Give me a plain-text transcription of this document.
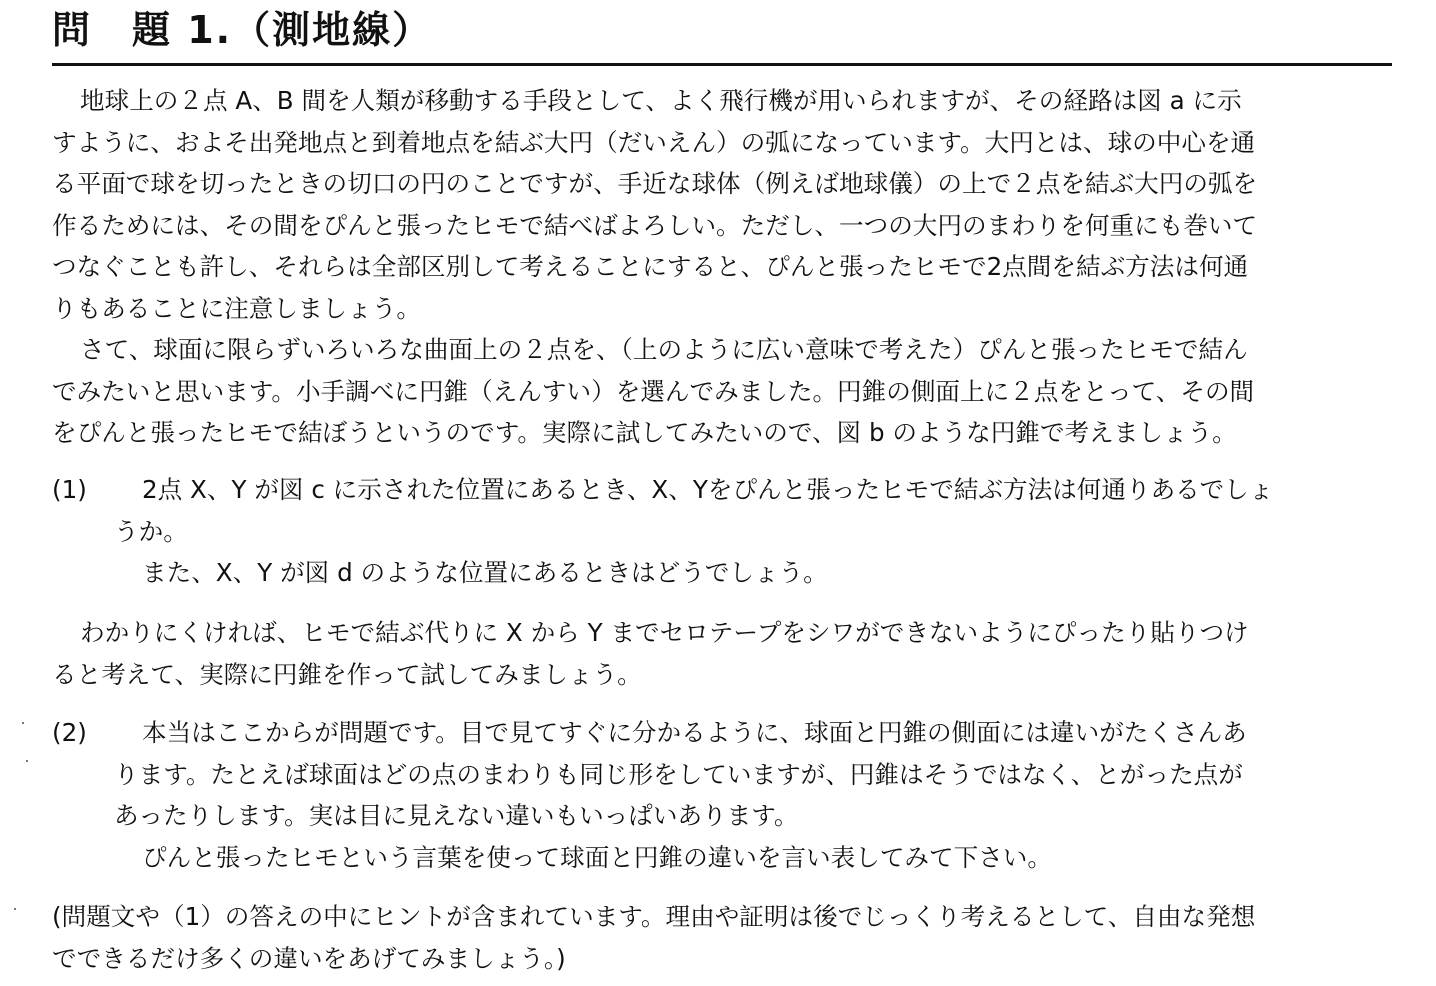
問　題 1.（測地線）
地球上の２点 A、B 間を人類が移動する手段として、よく飛行機が用いられますが、その経路は図 a に示
すように、およそ出発地点と到着地点を結ぶ大円（だいえん）の弧になっています。大円とは、球の中心を通
る平面で球を切ったときの切口の円のことですが、手近な球体（例えば地球儀）の上で２点を結ぶ大円の弧を
作るためには、その間をぴんと張ったヒモで結べばよろしい。ただし、一つの大円のまわりを何重にも巻いて
つなぐことも許し、それらは全部区別して考えることにすると、ぴんと張ったヒモで2点間を結ぶ方法は何通
りもあることに注意しましょう。
さて、球面に限らずいろいろな曲面上の２点を、（上のように広い意味で考えた）ぴんと張ったヒモで結ん
でみたいと思います。小手調べに円錐（えんすい）を選んでみました。円錐の側面上に２点をとって、その間
をぴんと張ったヒモで結ぼうというのです。実際に試してみたいので、図 b のような円錐で考えましょう。
(1)	2点 X、Y が図 c に示された位置にあるとき、X、Yをぴんと張ったヒモで結ぶ方法は何通りあるでしょ
うか。
また、X、Y が図 d のような位置にあるときはどうでしょう。
わかりにくければ、ヒモで結ぶ代りに X から Y までセロテープをシワができないようにぴったり貼りつけ
ると考えて、実際に円錐を作って試してみましょう。
(2)	本当はここからが問題です。目で見てすぐに分かるように、球面と円錐の側面には違いがたくさんあ
ります。たとえば球面はどの点のまわりも同じ形をしていますが、円錐はそうではなく、とがった点が
あったりします。実は目に見えない違いもいっぱいあります。
ぴんと張ったヒモという言葉を使って球面と円錐の違いを言い表してみて下さい。
(問題文や（1）の答えの中にヒントが含まれています。理由や証明は後でじっくり考えるとして、自由な発想
でできるだけ多くの違いをあげてみましょう。)
